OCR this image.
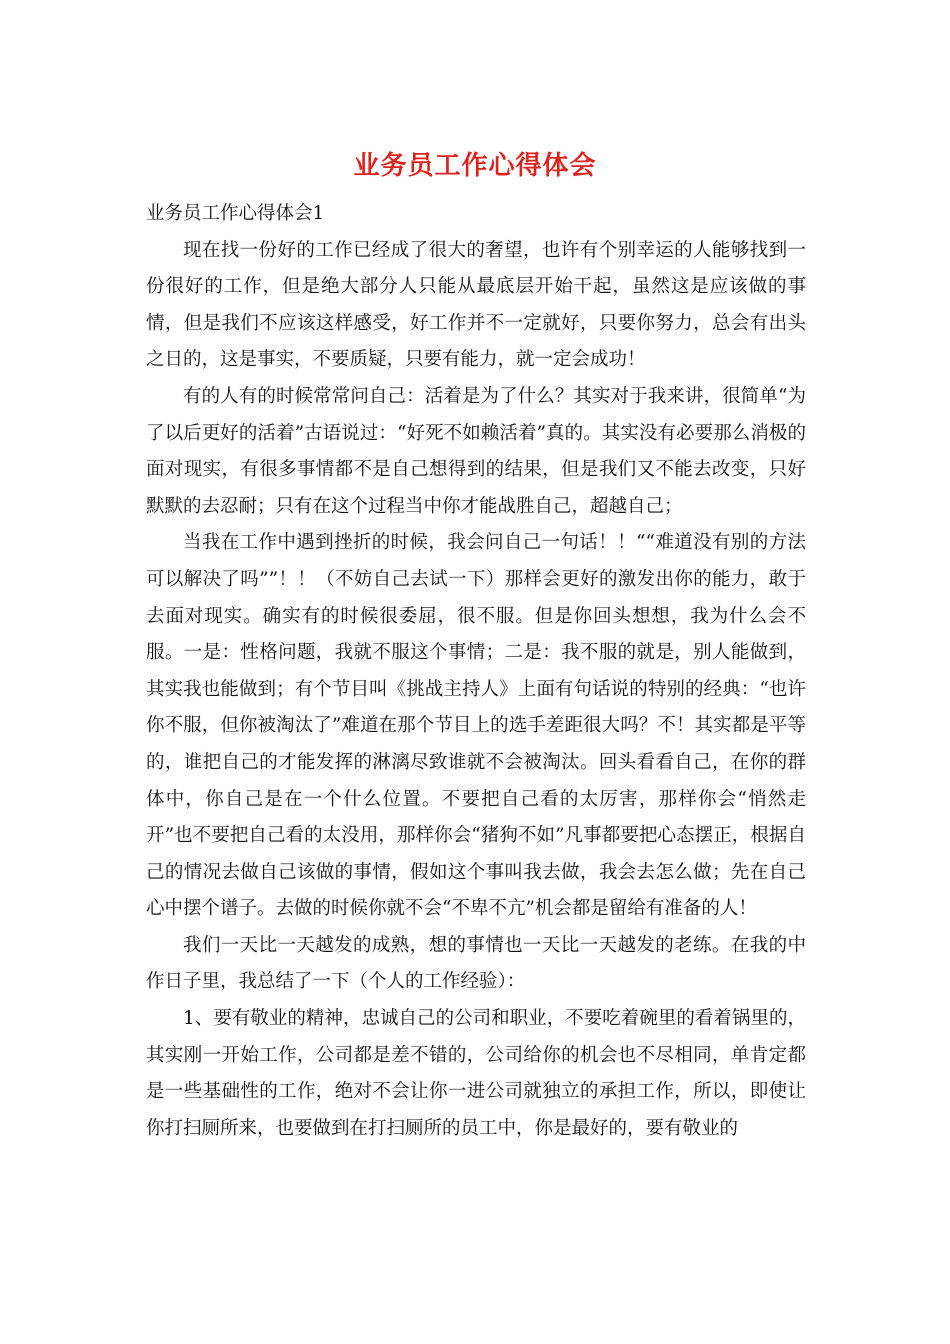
业务员工作心得体会

业务员工作心得体会1

现在找一份好的工作已经成了很大的奢望，也许有个别幸运的人能够找到一份很好的工作，但是绝大部分人只能从最底层开始干起，虽然这是应该做的事情，但是我们不应该这样感受，好工作并不一定就好，只要你努力，总会有出头之日的，这是事实，不要质疑，只要有能力，就一定会成功！

有的人有的时候常常问自己：活着是为了什么？其实对于我来讲，很简单“为了以后更好的活着”古语说过：“好死不如赖活着”真的。其实没有必要那么消极的面对现实，有很多事情都不是自己想得到的结果，但是我们又不能去改变，只好默默的去忍耐；只有在这个过程当中你才能战胜自己，超越自己；

当我在工作中遇到挫折的时候，我会问自己一句话！！““难道没有别的方法可以解决了吗””！！（不妨自己去试一下）那样会更好的激发出你的能力，敢于去面对现实。确实有的时候很委屈，很不服。但是你回头想想，我为什么会不服。一是：性格问题，我就不服这个事情；二是：我不服的就是，别人能做到，其实我也能做到；有个节目叫《挑战主持人》上面有句话说的特别的经典：“也许你不服，但你被淘汰了”难道在那个节目上的选手差距很大吗？不！其实都是平等的，谁把自己的才能发挥的淋漓尽致谁就不会被淘汰。回头看看自己，在你的群体中，你自己是在一个什么位置。不要把自己看的太厉害，那样你会“悄然走开”也不要把自己看的太没用，那样你会“猪狗不如”凡事都要把心态摆正，根据自己的情况去做自己该做的事情，假如这个事叫我去做，我会去怎么做；先在自己心中摆个谱子。去做的时候你就不会“不卑不亢”机会都是留给有准备的人！

我们一天比一天越发的成熟，想的事情也一天比一天越发的老练。在我的中作日子里，我总结了一下（个人的工作经验）：

1、要有敬业的精神，忠诚自己的公司和职业，不要吃着碗里的看着锅里的，其实刚一开始工作，公司都是差不错的，公司给你的机会也不尽相同，单肯定都是一些基础性的工作，绝对不会让你一进公司就独立的承担工作，所以，即使让你打扫厕所来，也要做到在打扫厕所的员工中，你是最好的，要有敬业的
